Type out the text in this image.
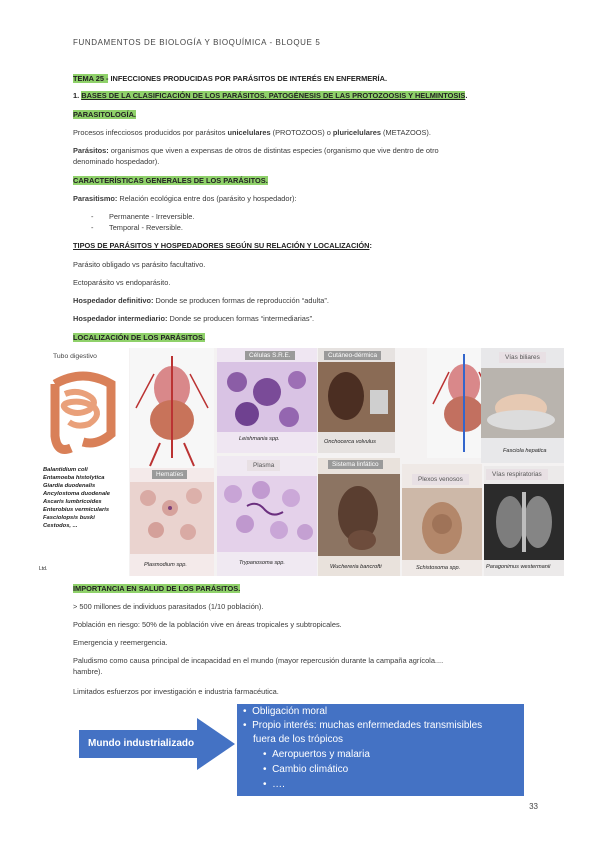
FUNDAMENTOS DE BIOLOGÍA Y BIOQUÍMICA - BLOQUE 5
TEMA 25 - INFECCIONES PRODUCIDAS POR PARÁSITOS DE INTERÉS EN ENFERMERÍA.
1. BASES DE LA CLASIFICACIÓN DE LOS PARÁSITOS. PATOGÉNESIS DE LAS PROTOZOOSIS Y HELMINTOSIS.
PARASITOLOGÍA.
Procesos infecciosos producidos por parásitos unicelulares (PROTOZOOS) o pluricelulares (METAZOOS).
Parásitos: organismos que viven a expensas de otros de distintas especies (organismo que vive dentro de otro
denominado hospedador).
CARACTERÍSTICAS GENERALES DE LOS PARÁSITOS.
Parasitismo: Relación ecológica entre dos (parásito y hospedador):
- Permanente - Irreversible.
- Temporal - Reversible.
TIPOS DE PARÁSITOS Y HOSPEDADORES SEGÚN SU RELACIÓN Y LOCALIZACIÓN:
Parásito obligado vs parásito facultativo.
Ectoparásito vs endoparásito.
Hospedador definitivo: Donde se producen formas de reproducción “adulta”.
Hospedador intermediario: Donde se producen formas “intermediarias”.
LOCALIZACIÓN DE LOS PARÁSITOS.
Tubo digestivo
Balantidium coli
Entamoeba histolytica
Giardia duodenalis
Ancylostoma duodenale
Ascaris lumbricoides
Enterobius vermicularis
Fasciolopsis buski
Cestodos, ...
Ltd.
Células S.R.E.
Leishmania spp.
Cutáneo-dérmica
Onchocerca volvulus
Vías biliares
Fasciola hepatica
Hematíes
Plasmodium spp.
Plasma
Trypanosoma spp.
Sistema linfático
Wuchereria bancrofti
Plexos venosos
Schistosoma spp.
Vías respiratorias
Paragonimus westermanii
IMPORTANCIA EN SALUD DE LOS PARÁSITOS.
> 500 millones de individuos parasitados (1/10 población).
Población en riesgo: 50% de la población vive en áreas tropicales y subtropicales.
Emergencia y reemergencia.
Paludismo como causa principal de incapacidad en el mundo (mayor repercusión durante la campaña agrícola....
hambre).
Limitados esfuerzos por investigación e industria farmacéutica.
Mundo industrializado
•  Obligación moral
•  Propio interés: muchas enfermedades transmisibles
fuera de los trópicos
•  Aeropuertos y malaria
•  Cambio climático
•  ….
33
